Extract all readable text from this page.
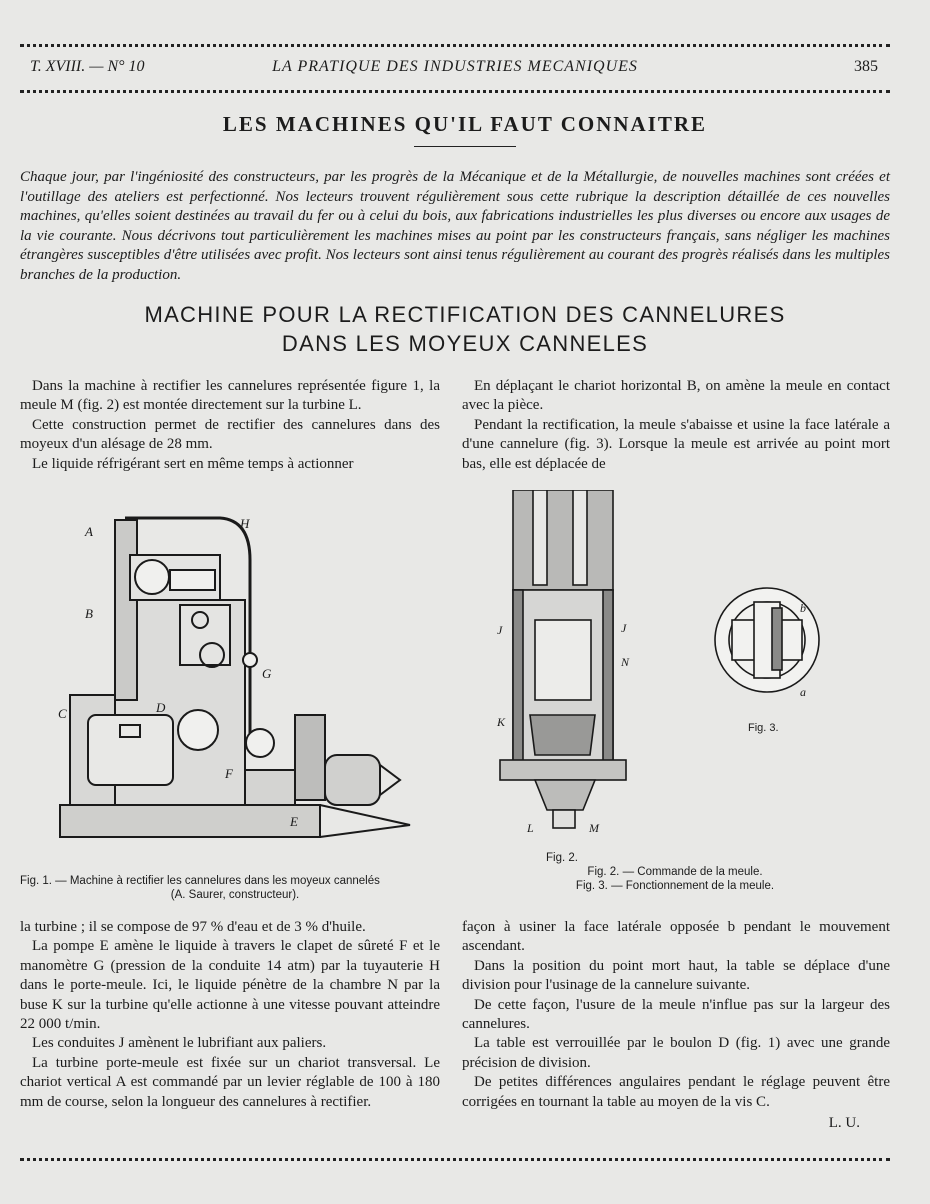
T. XVIII. — N° 10	LA PRATIQUE DES INDUSTRIES MECANIQUES	385
LES MACHINES QU'IL FAUT CONNAITRE
Chaque jour, par l'ingéniosité des constructeurs, par les progrès de la Mécanique et de la Métallurgie, de nouvelles machines sont créées et l'outillage des ateliers est perfectionné. Nos lecteurs trouvent régulièrement sous cette rubrique la description détaillée de ces nouvelles machines, qu'elles soient destinées au travail du fer ou à celui du bois, aux fabrications industrielles les plus diverses ou encore aux usages de la vie courante. Nous décrivons tout particulièrement les machines mises au point par les constructeurs français, sans négliger les machines étrangères susceptibles d'être utilisées avec profit. Nos lecteurs sont ainsi tenus régulièrement au courant des progrès réalisés dans les multiples branches de la production.
MACHINE POUR LA RECTIFICATION DES CANNELURES
DANS LES MOYEUX CANNELES

Dans la machine à rectifier les cannelures représentée figure 1, la meule M (fig. 2) est montée directement sur la turbine L.

Cette construction permet de rectifier des cannelures dans des moyeux d'un alésage de 28 mm.

Le liquide réfrigérant sert en même temps à actionner

En déplaçant le chariot horizontal B, on amène la meule en contact avec la pièce.

Pendant la rectification, la meule s'abaisse et usine la face latérale a d'une cannelure (fig. 3). Lorsque la meule est arrivée au point mort bas, elle est déplacée de

A
B
C	D
E
F
G
H
J	J
N
K
L	M
b
a
Fig. 3.
Fig. 1. — Machine à rectifier les cannelures dans les moyeux cannelés
(A. Saurer, constructeur).
Fig. 2.
Fig. 2. — Commande de la meule.
Fig. 3. — Fonctionnement de la meule.

la turbine ; il se compose de 97 % d'eau et de 3 % d'huile.

La pompe E amène le liquide à travers le clapet de sûreté F et le manomètre G (pression de la conduite 14 atm) par la tuyauterie H dans le porte-meule. Ici, le liquide pénètre de la chambre N par la buse K sur la turbine qu'elle actionne à une vitesse pouvant atteindre 22 000 t/min.

Les conduites J amènent le lubrifiant aux paliers.

La turbine porte-meule est fixée sur un chariot transversal. Le chariot vertical A est commandé par un levier réglable de 100 à 180 mm de course, selon la longueur des cannelures à rectifier.

façon à usiner la face latérale opposée b pendant le mouvement ascendant.

Dans la position du point mort haut, la table se déplace d'une division pour l'usinage de la cannelure suivante.

De cette façon, l'usure de la meule n'influe pas sur la largeur des cannelures.

La table est verrouillée par le boulon D (fig. 1) avec une grande précision de division.

De petites différences angulaires pendant le réglage peuvent être corrigées en tournant la table au moyen de la vis C.

L. U.
